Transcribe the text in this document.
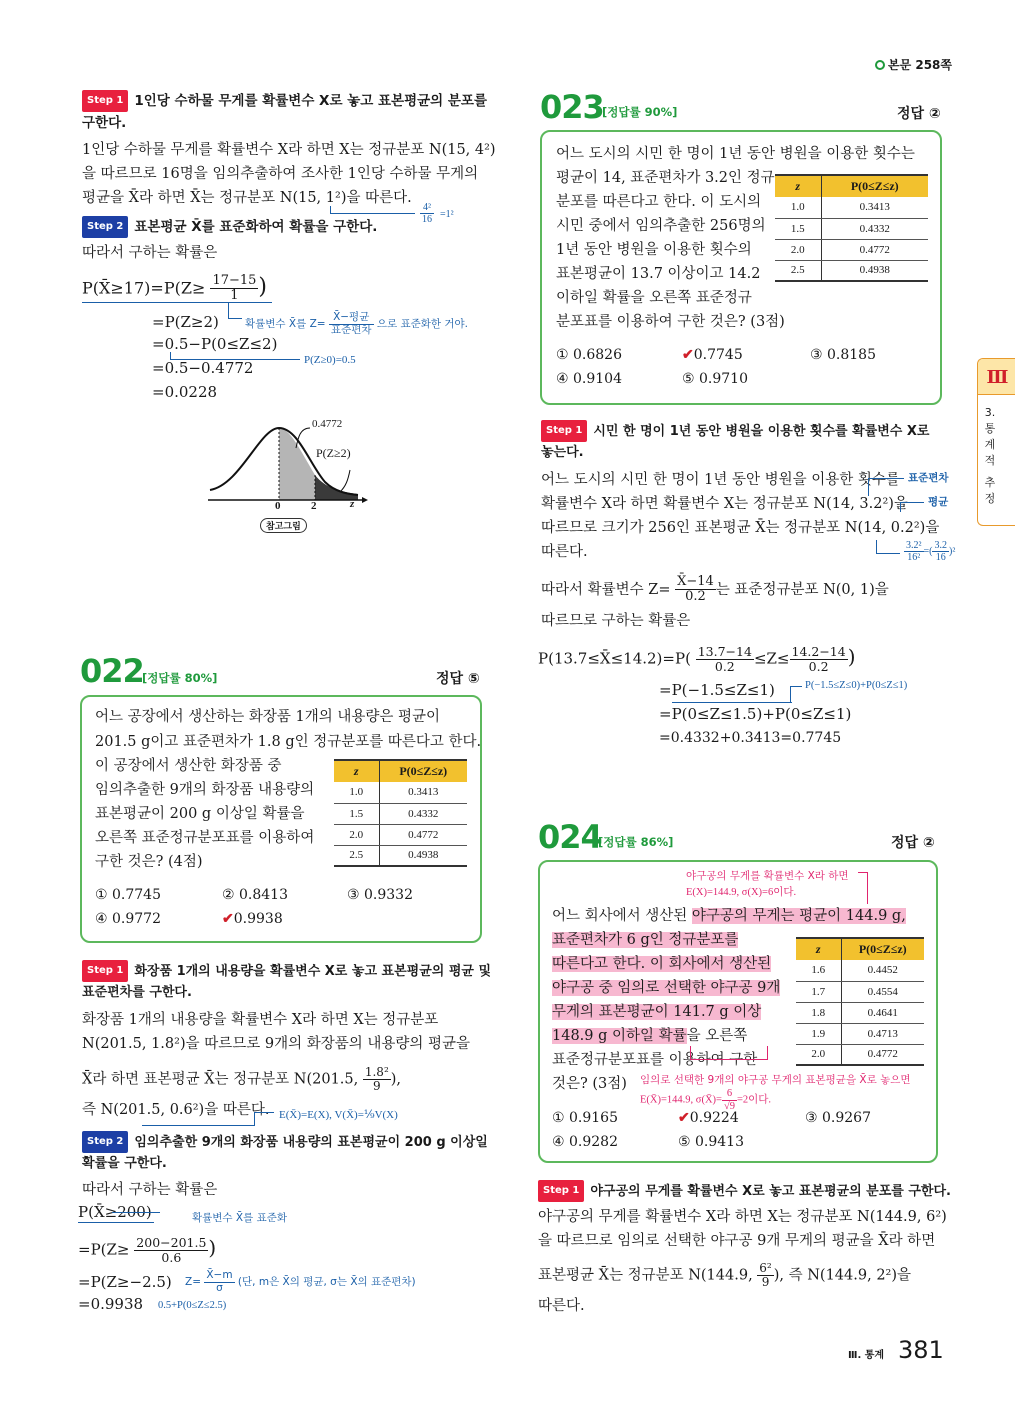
본문 258쪽
Ⅲ
3.
통
계
적
추
정
Step 1 1인당 수하물 무게를 확률변수 X로 놓고 표본평균의 분포를
구한다.
1인당 수하물 무게를 확률변수 X라 하면 X는 정규분포 N(15, 4²)
을 따르므로 16명을 임의추출하여 조사한 1인당 수하물 무게의
평균을 X̄라 하면 X̄는 정규분포 N(15, 1²)을 따른다.
$\frac{\text{4²}}{16} =1^2$
Step 2 표본평균 X̄를 표준화하여 확률을 구한다.
따라서 구하는 확률은
P(X̄≥17)=P(Z≥ $\frac{17-15}{1}$ )
=P(Z≥2) 확률변수 X̄를 $Z= \frac{\text{X̄−평균}}{\text{표준편차}}$ 으로 표준화한 거야.
=0.5−P(0≤Z≤2)
P(Z≥0)=0.5
=0.5−0.4772
=0.0228
0.4772
P(Z≥2)
0	2	z
참고그림
022
[정답률 80%]	정답 ⑤
어느 공장에서 생산하는 화장품 1개의 내용량은 평균이
201.5 g이고 표준편차가 1.8 g인 정규분포를 따른다고 한다.
이 공장에서 생산한 화장품 중
임의추출한 9개의 화장품 내용량의
표본평균이 200 g 이상일 확률을
오른쪽 표준정규분포표를 이용하여
구한 것은? (4점)
z	P(0≤Z≤z)
1.0	0.3413
1.5	0.4332
2.0	0.4772
2.5	0.4938
① 0.7745	② 0.8413	③ 0.9332
④ 0.9772	✔0.9938
Step 1 화장품 1개의 내용량을 확률변수 X로 놓고 표본평균의 평균 및
표준편차를 구한다.
화장품 1개의 내용량을 확률변수 X라 하면 X는 정규분포
N(201.5, 1.8²)을 따르므로 9개의 화장품의 내용량의 평균을
X̄라 하면 표본평균 X̄는 정규분포 N(201.5, $\frac{\text{1.8²}}{9}$ ),
즉 N(201.5, 0.6²)을 따른다. E(X̄)=E(X), V(X̄)=⅑V(X)
Step 2 임의추출한 9개의 화장품 내용량의 표본평균이 200 g 이상일
확률을 구한다.
따라서 구하는 확률은
P(X̄≥200)	확률변수 X̄를 표준화
$=P(Z\ge \frac{200-201.5}{0.6}$ )
=P(Z≥−2.5) $Z= \frac{X̄-m}{\sigma}$ (단, m은 X̄의 평균, σ는 X̄의 표준편차)
=0.9938 0.5+P(0≤Z≤2.5)
023
[정답률 90%]	정답 ②
어느 도시의 시민 한 명이 1년 동안 병원을 이용한 횟수는
평균이 14, 표준편차가 3.2인 정규
분포를 따른다고 한다. 이 도시의
시민 중에서 임의추출한 256명의
1년 동안 병원을 이용한 횟수의
표본평균이 13.7 이상이고 14.2
이하일 확률을 오른쪽 표준정규
분포표를 이용하여 구한 것은? (3점)
z	P(0≤Z≤z)
1.0	0.3413
1.5	0.4332
2.0	0.4772
2.5	0.4938
① 0.6826	✔0.7745	③ 0.8185
④ 0.9104	⑤ 0.9710
Step 1 시민 한 명이 1년 동안 병원을 이용한 횟수를 확률변수 X로
놓는다.
어느 도시의 시민 한 명이 1년 동안 병원을 이용한 횟수를 표준편차
확률변수 X라 하면 확률변수 X는 정규분포 N(14, 3.2²)을 평균
따르므로 크기가 256인 표본평균 X̄는 정규분포 N(14, 0.2²)을
따른다.	$\frac{\text{3.2²}}{\text{16²}}$ =( $\frac{3.2}{16} )^2$
따라서 확률변수 $Z= \frac{X̄-14}{0.2}$ 는 표준정규분포 N(0, 1)을
따르므로 구하는 확률은
P(13.7≤X̄≤14.2)=P( $\frac{13.7-14}{0.2} \le Z\le \frac{14.2-14}{0.2}$ )
=P(−1.5≤Z≤1)	P(−1.5≤Z≤0)+P(0≤Z≤1)
=P(0≤Z≤1.5)+P(0≤Z≤1)
=0.4332+0.3413=0.7745
024
[정답률 86%]	정답 ②
야구공의 무게를 확률변수 X라 하면
E(X)=144.9, σ(X)=6이다.
어느 회사에서 생산된 야구공의 무게는 평균이 144.9 g,
표준편차가 6 g인 정규분포를
따른다고 한다. 이 회사에서 생산된
야구공 중 임의로 선택한 야구공 9개
무게의 표본평균이 141.7 g 이상
148.9 g 이하일 확률을 오른쪽
표준정규분포표를 이용하여 구한
것은? (3점) 임의로 선택한 9개의 야구공 무게의 표본평균을 X̄로 놓으면
E(X̄)=144.9, σ(X̄)= $\frac{6}{√9} =2$이다.
z	P(0≤Z≤z)
1.6	0.4452
1.7	0.4554
1.8	0.4641
1.9	0.4713
2.0	0.4772
① 0.9165	✔0.9224	③ 0.9267
④ 0.9282	⑤ 0.9413
Step 1 야구공의 무게를 확률변수 X로 놓고 표본평균의 분포를 구한다.
야구공의 무게를 확률변수 X라 하면 X는 정규분포 N(144.9, 6²)
을 따르므로 임의로 선택한 야구공 9개 무게의 평균을 X̄라 하면
표본평균 X̄는 정규분포 N(144.9, $\frac{\text{6²}}{9}$ ), 즉 N(144.9, 2²)을
따른다.
Ⅲ. 통계 381
